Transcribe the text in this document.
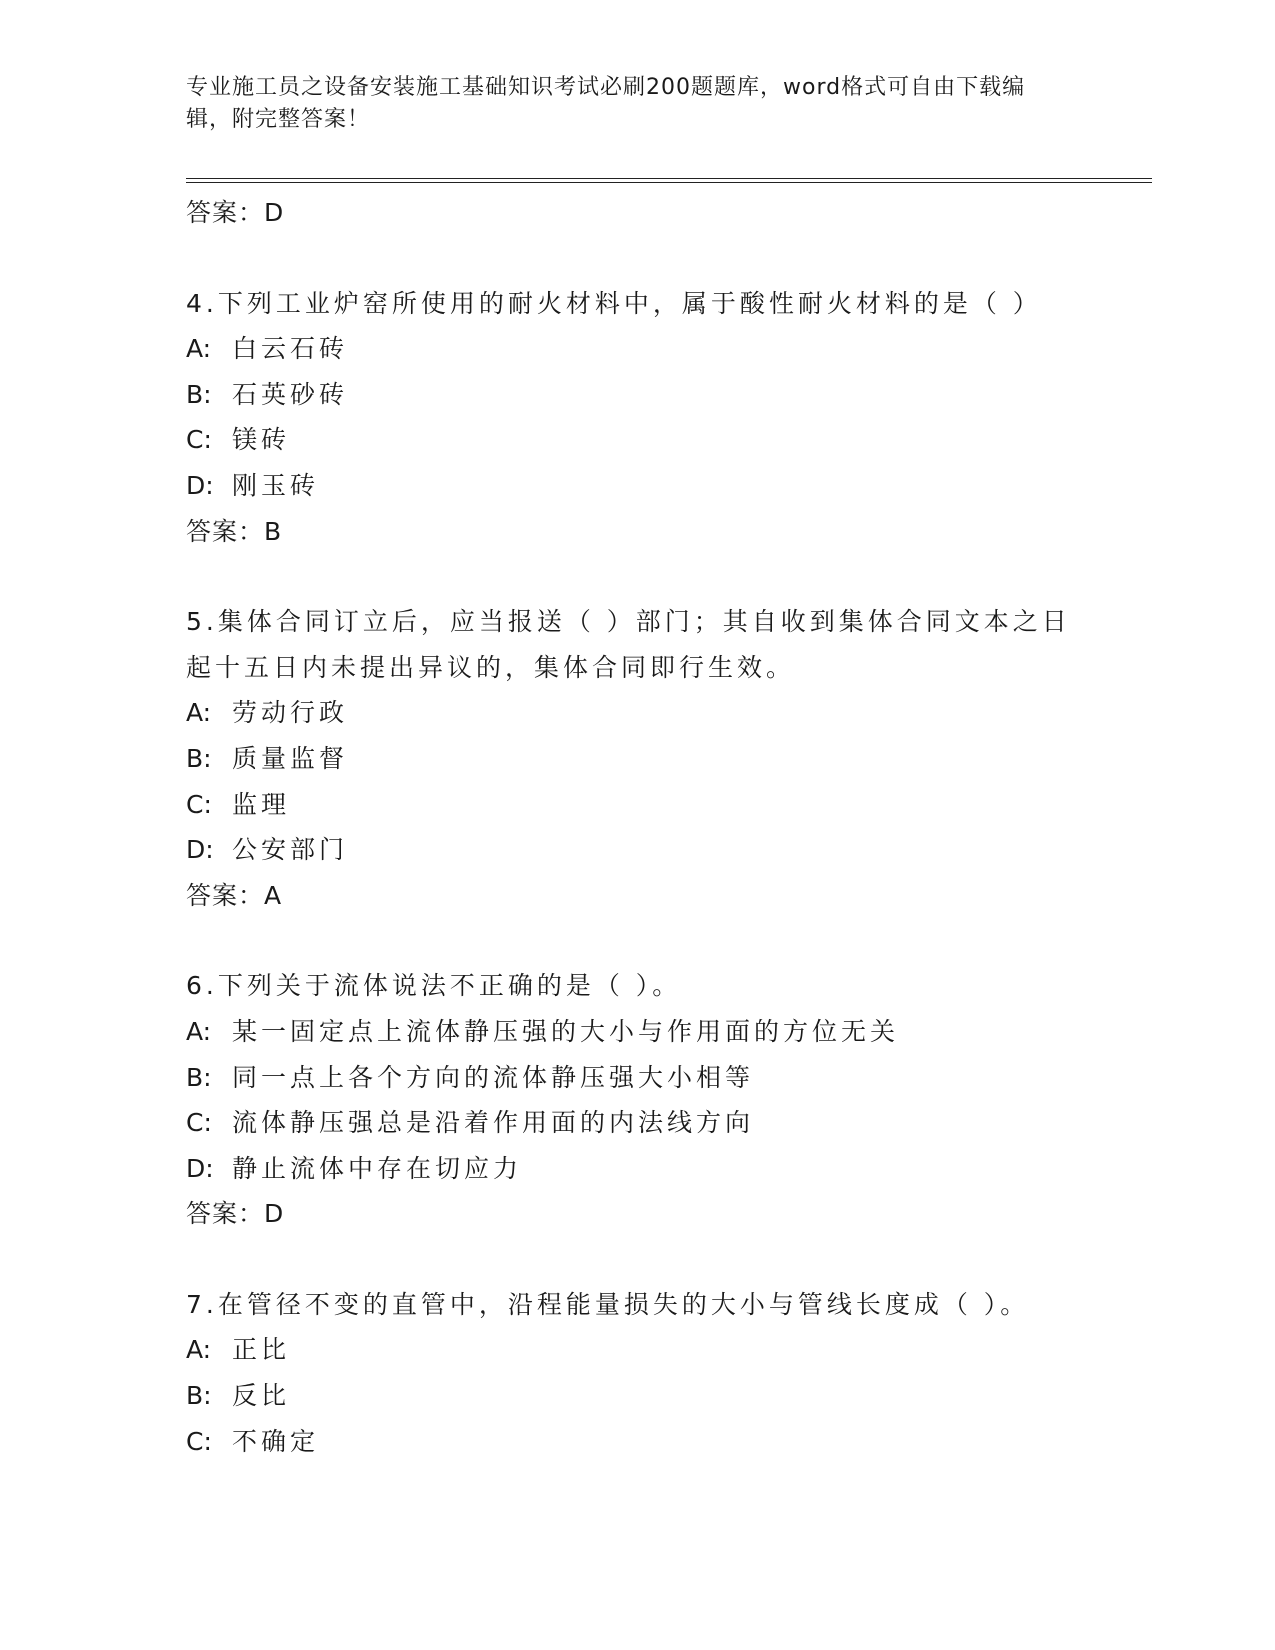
专业施工员之设备安装施工基础知识考试必刷200题题库，word格式可自由下载编辑，附完整答案！
答案：D
4.下列工业炉窑所使用的耐火材料中，属于酸性耐火材料的是（ ）
A: 白云石砖
B: 石英砂砖
C: 镁砖
D: 刚玉砖
答案：B
5.集体合同订立后，应当报送（ ）部门；其自收到集体合同文本之日
起十五日内未提出异议的，集体合同即行生效。
A: 劳动行政
B: 质量监督
C: 监理
D: 公安部门
答案：A
6.下列关于流体说法不正确的是（ ）。
A: 某一固定点上流体静压强的大小与作用面的方位无关
B: 同一点上各个方向的流体静压强大小相等
C: 流体静压强总是沿着作用面的内法线方向
D: 静止流体中存在切应力
答案：D
7.在管径不变的直管中，沿程能量损失的大小与管线长度成（ ）。
A: 正比
B: 反比
C: 不确定
